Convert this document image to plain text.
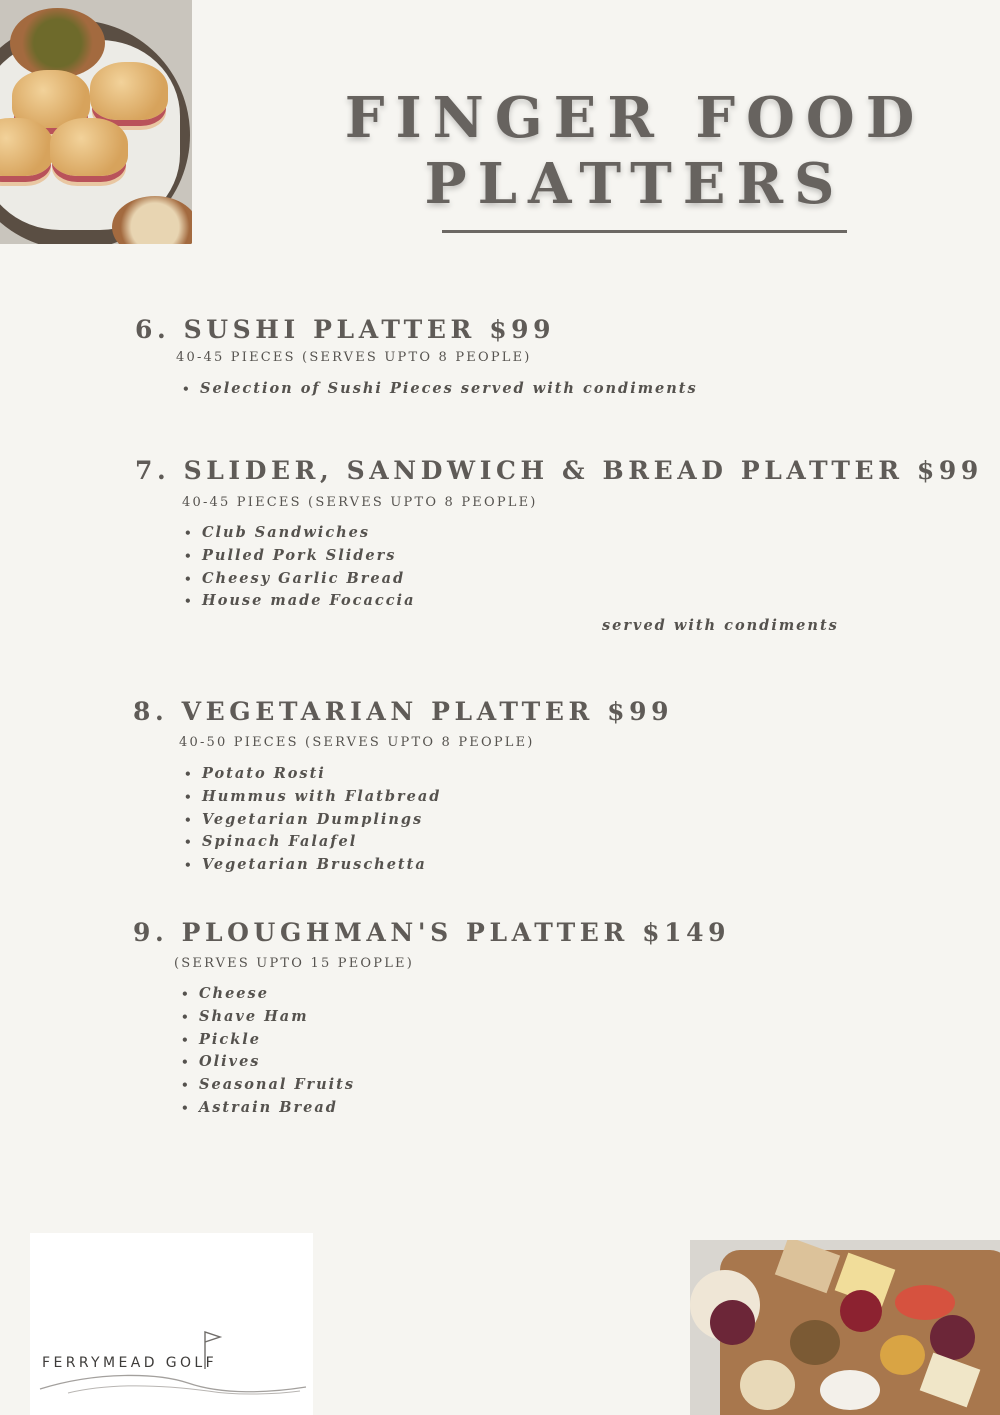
FINGER FOOD
PLATTERS
6. SUSHI PLATTER $99
40-45 PIECES (SERVES UPTO 8 PEOPLE)
• Selection of Sushi Pieces served with condiments
7. SLIDER, SANDWICH & BREAD PLATTER $99
40-45 PIECES (SERVES UPTO 8 PEOPLE)
• Club Sandwiches
• Pulled Pork Sliders
• Cheesy Garlic Bread
• House made Focaccia
served with condiments
8. VEGETARIAN PLATTER $99
40-50 PIECES (SERVES UPTO 8 PEOPLE)
• Potato Rosti
• Hummus with Flatbread
• Vegetarian Dumplings
• Spinach Falafel
• Vegetarian Bruschetta
9. PLOUGHMAN'S PLATTER $149
(SERVES UPTO 15 PEOPLE)
• Cheese
• Shave Ham
• Pickle
• Olives
• Seasonal Fruits
• Astrain Bread
FERRYMEAD GOLF
